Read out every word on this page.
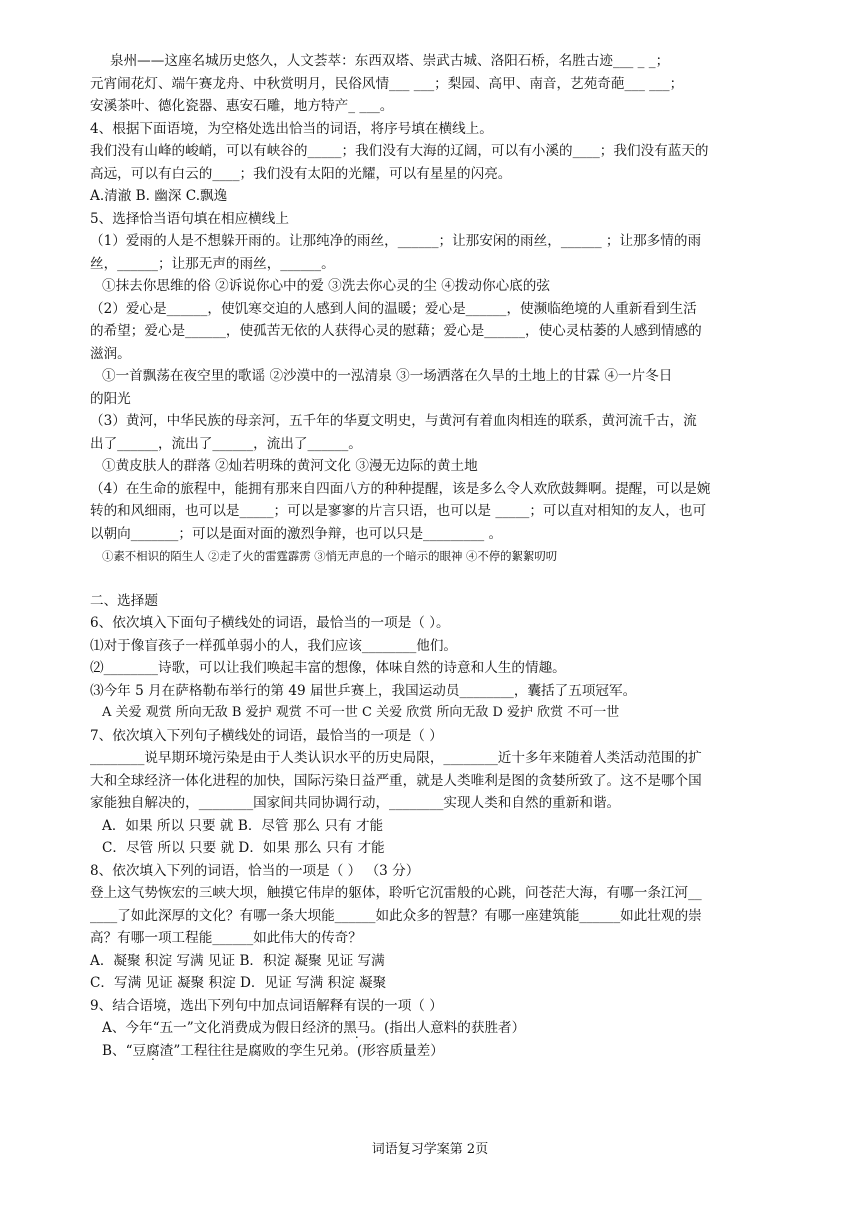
泉州——这座名城历史悠久，人文荟萃：东西双塔、崇武古城、洛阳石桥，名胜古迹___ _ _；
元宵闹花灯、端午赛龙舟、中秋赏明月，民俗风情___ ___；梨园、高甲、南音，艺苑奇葩___ ___；
安溪茶叶、德化瓷器、惠安石雕，地方特产_ ___。
4、根据下面语境，为空格处选出恰当的词语，将序号填在横线上。
我们没有山峰的峻峭，可以有峡谷的_____；我们没有大海的辽阔，可以有小溪的____；我们没有蓝天的
高远，可以有白云的____；我们没有太阳的光耀，可以有星星的闪亮。
A.清澈 B. 幽深 C.飘逸
5、选择恰当语句填在相应横线上
（1）爱雨的人是不想躲开雨的。让那纯净的雨丝，______；让那安闲的雨丝，______ ；让那多情的雨
丝，______；让那无声的雨丝，______。
①抹去你思维的俗 ②诉说你心中的爱 ③洗去你心灵的尘 ④拨动你心底的弦
（2）爱心是______，使饥寒交迫的人感到人间的温暖；爱心是______，使濒临绝境的人重新看到生活
的希望；爱心是______，使孤苦无依的人获得心灵的慰藉；爱心是______，使心灵枯萎的人感到情感的
滋润。
①一首飘荡在夜空里的歌谣 ②沙漠中的一泓清泉 ③一场洒落在久旱的土地上的甘霖 ④一片冬日
的阳光
（3）黄河，中华民族的母亲河，五千年的华夏文明史，与黄河有着血肉相连的联系，黄河流千古，流
出了______，流出了______，流出了______。
①黄皮肤人的群落 ②灿若明珠的黄河文化 ③漫无边际的黄土地
（4）在生命的旅程中，能拥有那来自四面八方的种种提醒，该是多么令人欢欣鼓舞啊。提醒，可以是婉
转的和风细雨，也可以是_____；可以是寥寥的片言只语，也可以是 _____；可以直对相知的友人，也可
以朝向_______；可以是面对面的激烈争辩，也可以只是_________ 。
①素不相识的陌生人 ②走了火的雷霆霹雳 ③悄无声息的一个暗示的眼神 ④不停的絮絮叨叨
二、选择题
6、依次填入下面句子横线处的词语，最恰当的一项是（ ）。
⑴对于像盲孩子一样孤单弱小的人，我们应该________他们。
⑵________诗歌，可以让我们唤起丰富的想像，体味自然的诗意和人生的情趣。
⑶今年 5 月在萨格勒布举行的第 49 届世乒赛上，我国运动员________，囊括了五项冠军。
A 关爱 观赏 所向无敌 B 爱护 观赏 不可一世 C 关爱 欣赏 所向无敌 D 爱护 欣赏 不可一世
7、依次填入下列句子横线处的词语，最恰当的一项是（ ）
________说早期环境污染是由于人类认识水平的历史局限，________近十多年来随着人类活动范围的扩
大和全球经济一体化进程的加快，国际污染日益严重，就是人类唯利是图的贪婪所致了。这不是哪个国
家能独自解决的，________国家间共同协调行动，________实现人类和自然的重新和谐。
A．如果 所以 只要 就 B．尽管 那么 只有 才能
C．尽管 所以 只要 就 D．如果 那么 只有 才能
8、依次填入下列的词语，恰当的一项是（ ） （3 分）
登上这气势恢宏的三峡大坝，触摸它伟岸的躯体，聆听它沉雷般的心跳，问苍茫大海，有哪一条江河__
____了如此深厚的文化？有哪一条大坝能______如此众多的智慧？有哪一座建筑能______如此壮观的崇
高？有哪一项工程能______如此伟大的传奇？
A．凝聚 积淀 写满 见证 B．积淀 凝聚 见证 写满
C．写满 见证 凝聚 积淀 D．见证 写满 积淀 凝聚
9、结合语境，选出下列句中加点词语解释有误的一项（ ）
A、今年“五一”文化消费成为假日经济的黑马。(指出人意料的获胜者）
B、“豆腐渣”工程往往是腐败的孪生兄弟。(形容质量差）
词语复习学案第 2页
